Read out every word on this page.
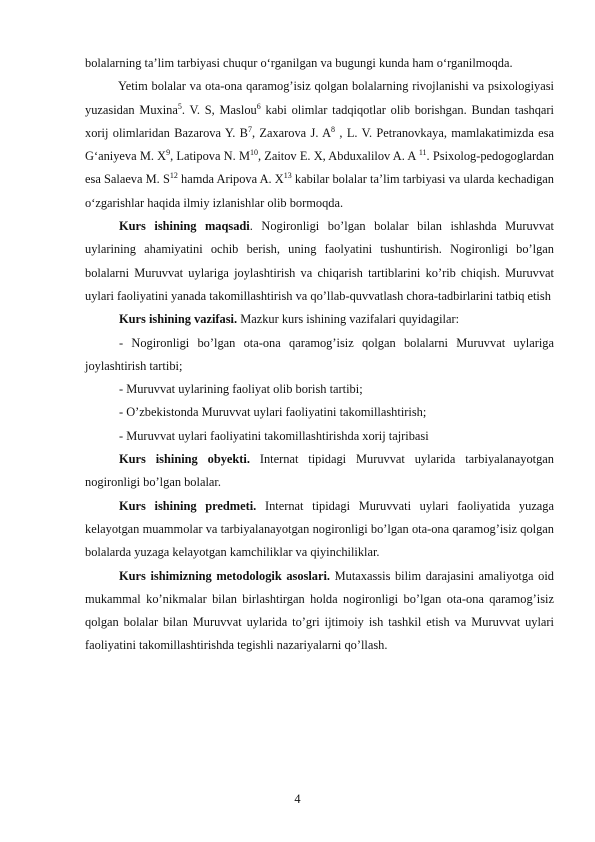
bolalarning ta’lim tarbiyasi chuqur o‘rganilgan va bugungi kunda ham o‘rganilmoqda.

Yetim bolalar va ota-ona qaramog’isiz qolgan bolalarning rivojlanishi va psixologiyasi yuzasidan Muxina$^5$. V. S, Maslou$^6$ kabi olimlar tadqiqotlar olib borishgan. Bundan tashqari xorij olimlaridan Bazarova Y. $B^7$, Zaxarova J. $A^8$ , L. V. Petranovkaya, mamlakatimizda esa G‘aniyeva M. $X^9$, Latipova N. $M^{10}$, Zaitov E. X, Abduxalilov A. A $^{11}$. Psixolog-pedogoglardan esa Salaeva M. $S^{12}$ hamda Aripova A. $X^{13}$ kabilar bolalar ta’lim tarbiyasi va ularda kechadigan o‘zgarishlar haqida ilmiy izlanishlar olib bormoqda.

Kurs ishining maqsadi. Nogironligi bo’lgan bolalar bilan ishlashda Muruvvat uylarining ahamiyatini ochib berish, uning faolyatini tushuntirish. Nogironligi bo’lgan bolalarni Muruvvat uylariga joylashtirish va chiqarish tartiblarini ko’rib chiqish. Muruvvat uylari faoliyatini yanada takomillashtirish va qo’llab-quvvatlash chora-tadbirlarini tatbiq etish

Kurs ishining vazifasi. Mazkur kurs ishining vazifalari quyidagilar:

- Nogironligi bo’lgan ota-ona qaramog’isiz qolgan bolalarni Muruvvat uylariga joylashtirish tartibi;

- Muruvvat uylarining faoliyat olib borish tartibi;

- O’zbekistonda Muruvvat uylari faoliyatini takomillashtirish;

- Muruvvat uylari faoliyatini takomillashtirishda xorij tajribasi

Kurs ishining obyekti. Internat tipidagi Muruvvat uylarida tarbiyalanayotgan nogironligi bo’lgan bolalar.

Kurs ishining predmeti. Internat tipidagi Muruvvati uylari faoliyatida yuzaga kelayotgan muammolar va tarbiyalanayotgan nogironligi bo’lgan ota-ona qaramog’isiz qolgan bolalarda yuzaga kelayotgan kamchiliklar va qiyinchiliklar.

Kurs ishimizning metodologik asoslari. Mutaxassis bilim darajasini amaliyotga oid mukammal ko’nikmalar bilan birlashtirgan holda nogironligi bo’lgan ota-ona qaramog’isiz qolgan bolalar bilan Muruvvat uylarida to’gri ijtimoiy ish tashkil etish va Muruvvat uylari faoliyatini takomillashtirishda tegishli nazariyalarni qo’llash.

4
